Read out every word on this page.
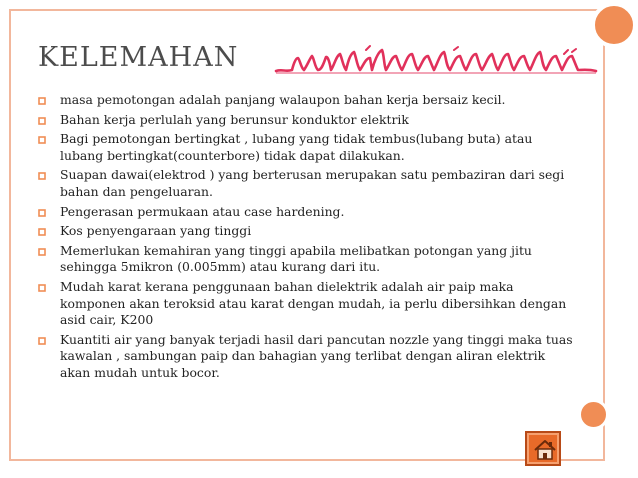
KELEMAHAN
masa pemotongan adalah panjang walaupon bahan kerja bersaiz kecil.
Bahan kerja perlulah yang berunsur konduktor elektrik
Bagi pemotongan bertingkat , lubang yang tidak tembus(lubang buta) atau lubang bertingkat(counterbore) tidak dapat dilakukan.
Suapan dawai(elektrod ) yang berterusan merupakan satu pembaziran dari segi bahan dan pengeluaran.
Pengerasan permukaan atau case hardening.
Kos penyengaraan yang tinggi
Memerlukan kemahiran yang tinggi apabila melibatkan potongan yang jitu sehingga 5mikron (0.005mm) atau kurang dari itu.
Mudah karat kerana penggunaan bahan dielektrik adalah air paip maka komponen akan teroksid atau karat dengan mudah, ia perlu dibersihkan dengan asid cair, K200
Kuantiti air yang banyak terjadi hasil dari pancutan nozzle yang tinggi maka tuas kawalan , sambungan paip dan bahagian yang terlibat dengan aliran elektrik akan mudah untuk bocor.
